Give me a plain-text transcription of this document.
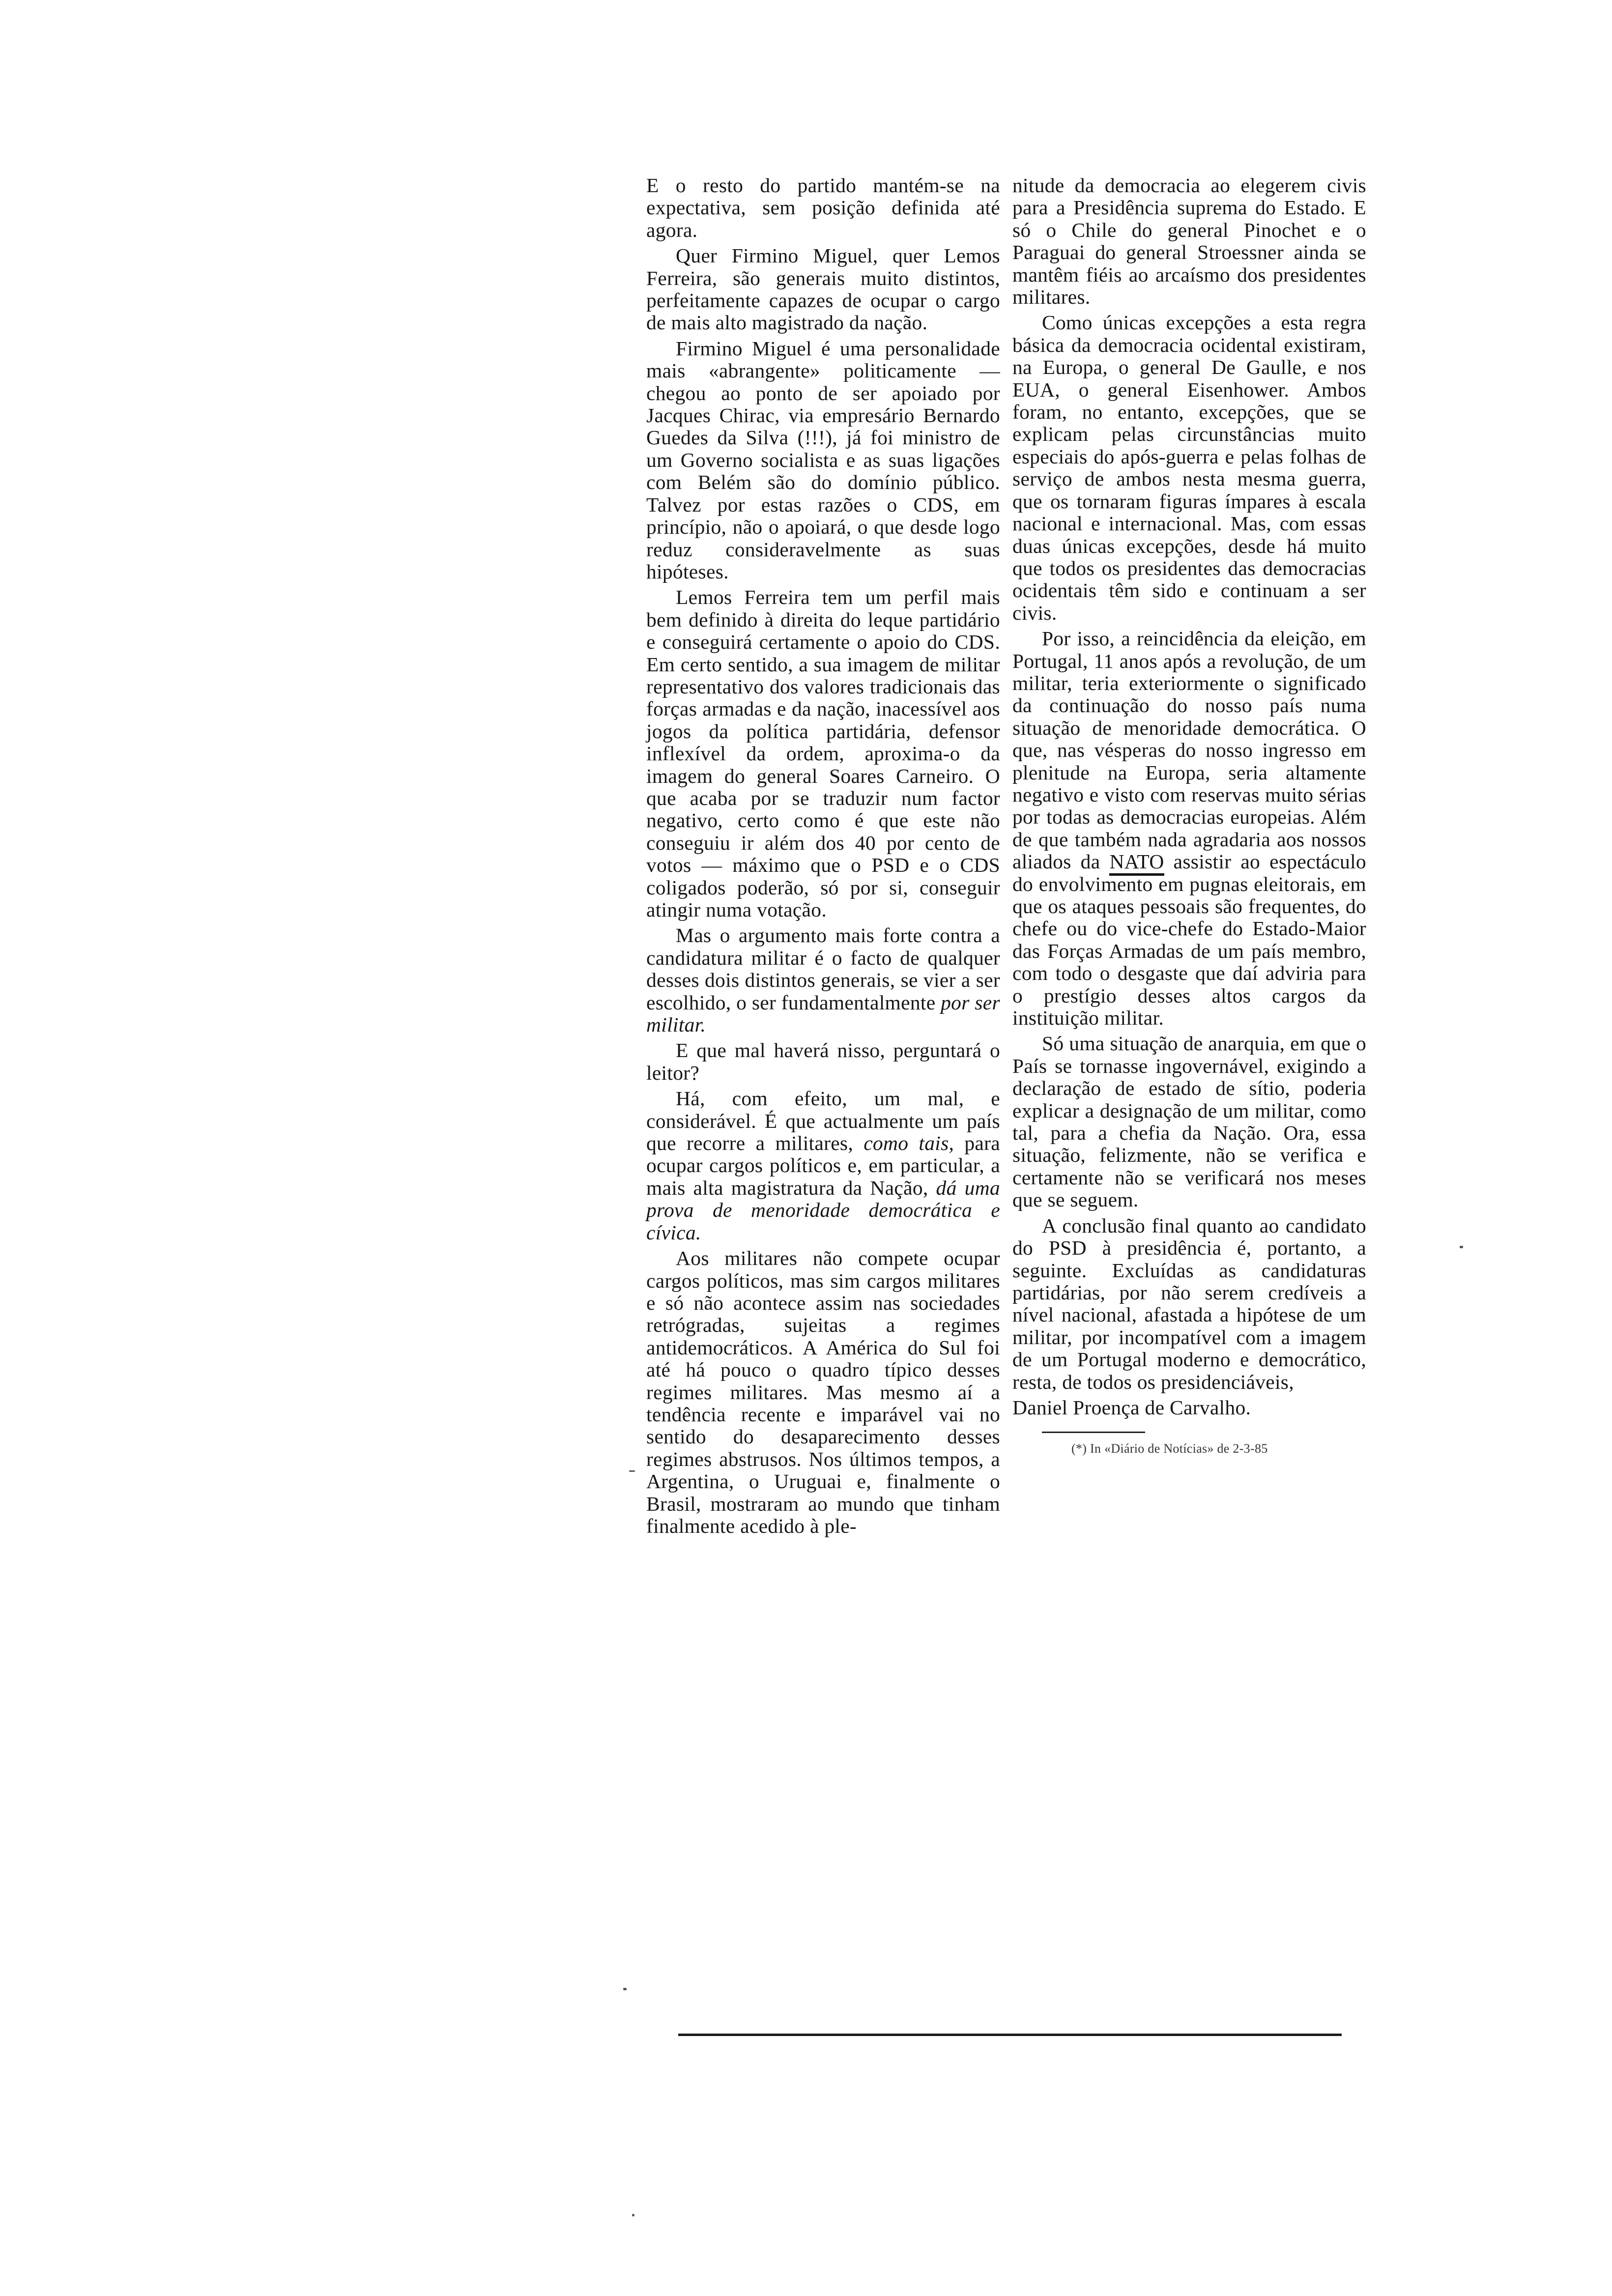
E o resto do partido mantém-se na expectativa, sem posição definida até agora.

Quer Firmino Miguel, quer Lemos Ferreira, são generais muito distintos, perfeitamente capazes de ocupar o cargo de mais alto magistrado da nação.

Firmino Miguel é uma personalidade mais «abrangente» politicamente — chegou ao ponto de ser apoiado por Jacques Chirac, via empresário Bernardo Guedes da Silva (!!!), já foi ministro de um Governo socialista e as suas ligações com Belém são do domínio público. Talvez por estas razões o CDS, em princípio, não o apoiará, o que desde logo reduz consideravelmente as suas hipóteses.

Lemos Ferreira tem um perfil mais bem definido à direita do leque partidário e conseguirá certamente o apoio do CDS. Em certo sentido, a sua imagem de militar representativo dos valores tradicionais das forças armadas e da nação, inacessível aos jogos da política partidária, defensor inflexível da ordem, aproxima-o da imagem do general Soares Carneiro. O que acaba por se traduzir num factor negativo, certo como é que este não conseguiu ir além dos 40 por cento de votos — máximo que o PSD e o CDS coligados poderão, só por si, conseguir atingir numa votação.

Mas o argumento mais forte contra a candidatura militar é o facto de qualquer desses dois distintos generais, se vier a ser escolhido, o ser fundamentalmente por ser militar.

E que mal haverá nisso, perguntará o leitor?

Há, com efeito, um mal, e considerável. É que actualmente um país que recorre a militares, como tais, para ocupar cargos políticos e, em particular, a mais alta magistratura da Nação, dá uma prova de menoridade democrática e cívica.

Aos militares não compete ocupar cargos políticos, mas sim cargos militares e só não acontece assim nas sociedades retrógradas, sujeitas a regimes antidemocráticos. A América do Sul foi até há pouco o quadro típico desses regimes militares. Mas mesmo aí a tendência recente e imparável vai no sentido do desaparecimento desses regimes abstrusos. Nos últimos tempos, a Argentina, o Uruguai e, finalmente o Brasil, mostraram ao mundo que tinham finalmente acedido à ple-

nitude da democracia ao elegerem civis para a Presidência suprema do Estado. E só o Chile do general Pinochet e o Paraguai do general Stroessner ainda se mantêm fiéis ao arcaísmo dos presidentes militares.

Como únicas excepções a esta regra básica da democracia ocidental existiram, na Europa, o general De Gaulle, e nos EUA, o general Eisenhower. Ambos foram, no entanto, excepções, que se explicam pelas circunstâncias muito especiais do após-guerra e pelas folhas de serviço de ambos nesta mesma guerra, que os tornaram figuras ímpares à escala nacional e internacional. Mas, com essas duas únicas excepções, desde há muito que todos os presidentes das democracias ocidentais têm sido e continuam a ser civis.

Por isso, a reincidência da eleição, em Portugal, 11 anos após a revolução, de um militar, teria exteriormente o significado da continuação do nosso país numa situação de menoridade democrática. O que, nas vésperas do nosso ingresso em plenitude na Europa, seria altamente negativo e visto com reservas muito sérias por todas as democracias europeias. Além de que também nada agradaria aos nossos aliados da NATO assistir ao espectáculo do envolvimento em pugnas eleitorais, em que os ataques pessoais são frequentes, do chefe ou do vice-chefe do Estado-Maior das Forças Armadas de um país membro, com todo o desgaste que daí adviria para o prestígio desses altos cargos da instituição militar.

Só uma situação de anarquia, em que o País se tornasse ingovernável, exigindo a declaração de estado de sítio, poderia explicar a designação de um militar, como tal, para a chefia da Nação. Ora, essa situação, felizmente, não se verifica e certamente não se verificará nos meses que se seguem.

A conclusão final quanto ao candidato do PSD à presidência é, portanto, a seguinte. Excluídas as candidaturas partidárias, por não serem credíveis a nível nacional, afastada a hipótese de um militar, por incompatível com a imagem de um Portugal moderno e democrático, resta, de todos os presidenciáveis,

Daniel Proença de Carvalho.

(*) In «Diário de Notícias» de 2-3-85
